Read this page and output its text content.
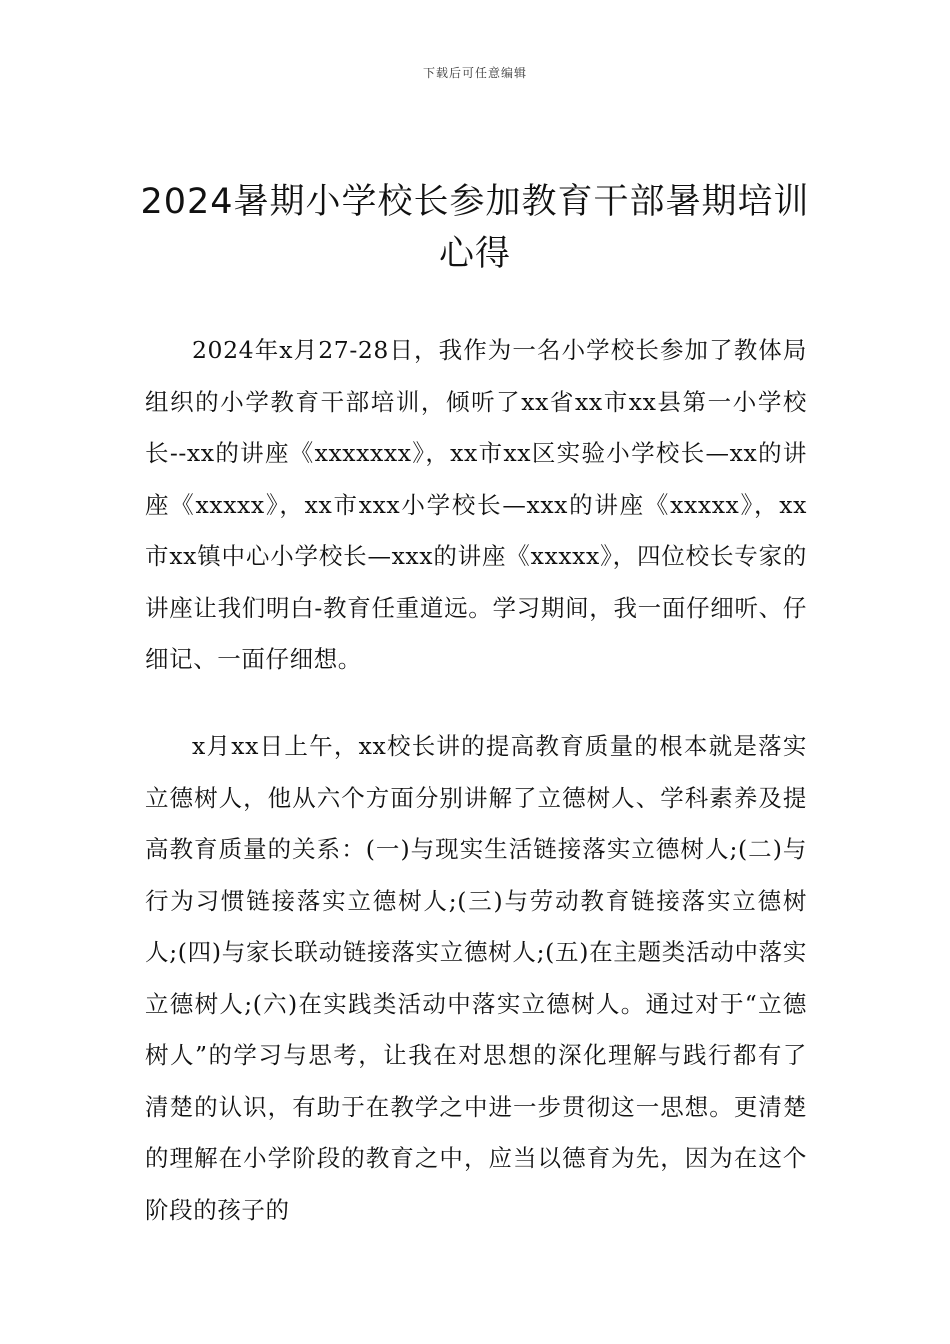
下载后可任意编辑
2024暑期小学校长参加教育干部暑期培训心得

2024年x月27-28日，我作为一名小学校长参加了教体局组织的小学教育干部培训，倾听了xx省xx市xx县第一小学校长--xx的讲座《xxxxxxx》，xx市xx区实验小学校长—xx的讲座《xxxxx》，xx市xxx小学校长—xxx的讲座《xxxxx》，xx市xx镇中心小学校长—xxx的讲座《xxxxx》，四位校长专家的讲座让我们明白-教育任重道远。学习期间，我一面仔细听、仔细记、一面仔细想。

x月xx日上午，xx校长讲的提高教育质量的根本就是落实立德树人，他从六个方面分别讲解了立德树人、学科素养及提高教育质量的关系：(一)与现实生活链接落实立德树人;(二)与行为习惯链接落实立德树人;(三)与劳动教育链接落实立德树人;(四)与家长联动链接落实立德树人;(五)在主题类活动中落实立德树人;(六)在实践类活动中落实立德树人。通过对于“立德树人”的学习与思考，让我在对思想的深化理解与践行都有了清楚的认识，有助于在教学之中进一步贯彻这一思想。更清楚的理解在小学阶段的教育之中，应当以德育为先，因为在这个阶段的孩子的
